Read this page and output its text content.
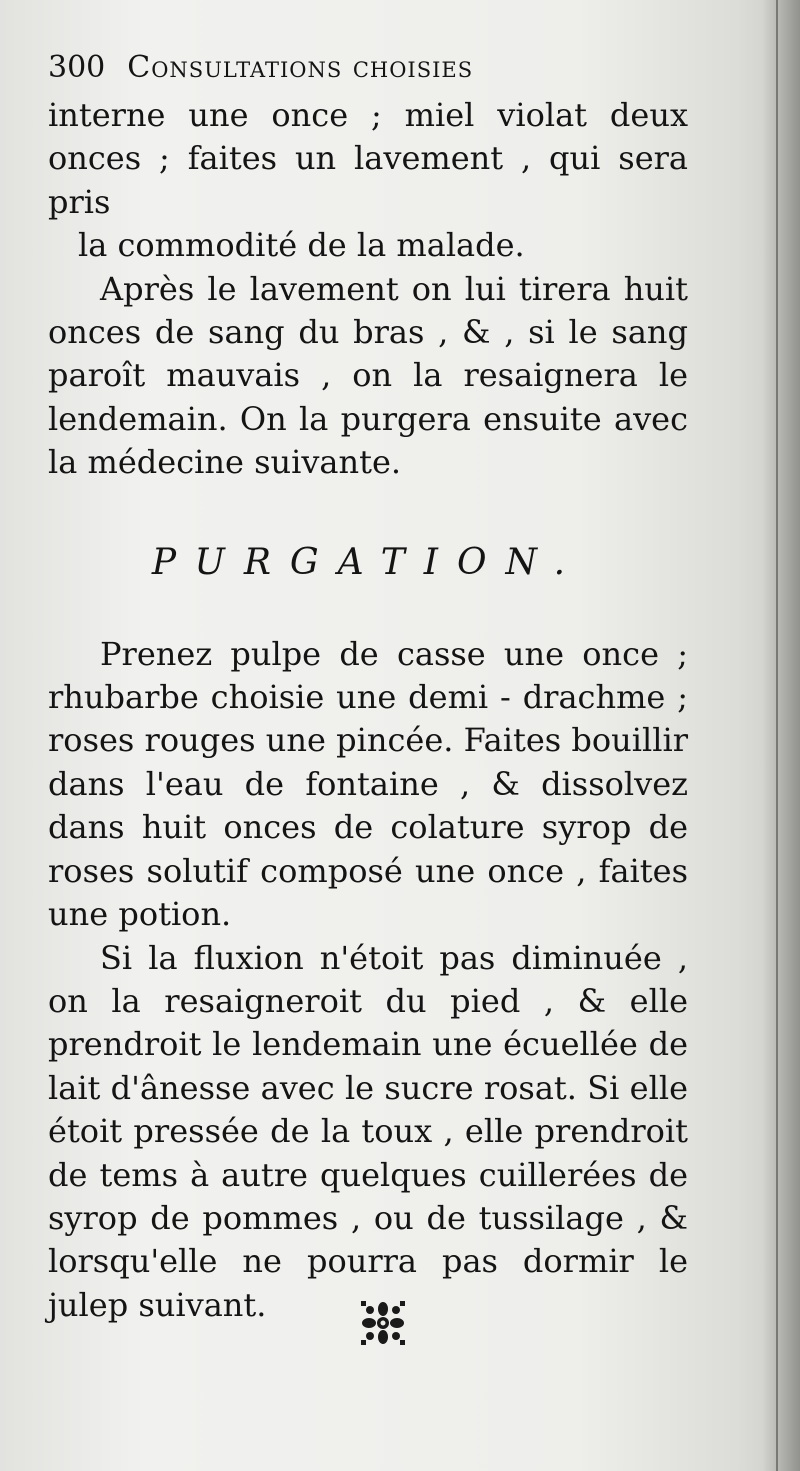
300 Consultations choisies

interne une once ; miel violat deux onces ; faites un lavement , qui sera pris

la commodité de la malade.

Après le lavement on lui tirera huit onces de sang du bras , & , si le sang paroît mauvais , on la resaignera le lendemain. On la purgera ensuite avec la médecine suivante.

PURGATION.

Prenez pulpe de casse une once ; rhubarbe choisie une demi - drachme ; roses rouges une pincée. Faites bouillir dans l'eau de fontaine , & dissolvez dans huit onces de colature syrop de roses solutif composé une once , faites une potion.

Si la fluxion n'étoit pas diminuée , on la resaigneroit du pied , & elle prendroit le lendemain une écuellée de lait d'ânesse avec le sucre rosat. Si elle étoit pressée de la toux , elle prendroit de tems à autre quelques cuillerées de syrop de pommes , ou de tussilage , & lorsqu'elle ne pourra pas dormir le julep suivant.
